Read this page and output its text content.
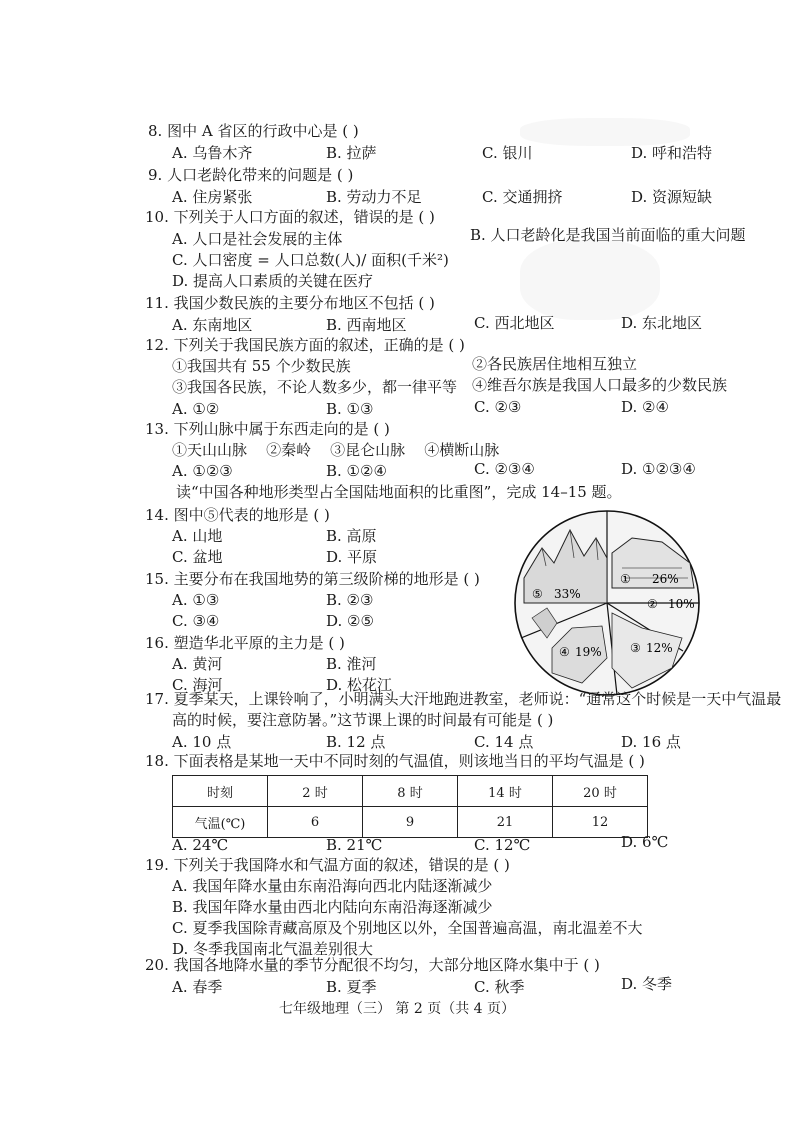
8. 图中 A 省区的行政中心是 ( )
A. 乌鲁木齐	B. 拉萨	C. 银川	D. 呼和浩特
9. 人口老龄化带来的问题是 ( )
A. 住房紧张	B. 劳动力不足	C. 交通拥挤	D. 资源短缺
10. 下列关于人口方面的叙述，错误的是 ( )
A. 人口是社会发展的主体	B. 人口老龄化是我国当前面临的重大问题
C. 人口密度 = 人口总数(人)/ 面积(千米²)
D. 提高人口素质的关键在医疗
11. 我国少数民族的主要分布地区不包括 ( )
A. 东南地区	B. 西南地区	C. 西北地区	D. 东北地区
12. 下列关于我国民族方面的叙述，正确的是 ( )
①我国共有 55 个少数民族	②各民族居住地相互独立
③我国各民族，不论人数多少，都一律平等 ④维吾尔族是我国人口最多的少数民族
A. ①②	B. ①③	C. ②③	D. ②④
13. 下列山脉中属于东西走向的是 ( )
①天山山脉    ②秦岭    ③昆仑山脉    ④横断山脉
A. ①②③	B. ①②④	C. ②③④	D. ①②③④
读“中国各种地形类型占全国陆地面积的比重图”，完成 14–15 题。
14. 图中⑤代表的地形是 ( )
A. 山地	B. 高原
C. 盆地	D. 平原
15. 主要分布在我国地势的第三级阶梯的地形是 ( )
A. ①③	B. ②③
C. ③④	D. ②⑤
16. 塑造华北平原的主力是 ( )
A. 黄河	B. 淮河
C. 海河	D. 松花江
① 26%
② 10%
③ 12%
④ 19%
⑤ 33%
17. 夏季某天，上课铃响了，小明满头大汗地跑进教室，老师说：“通常这个时候是一天中气温最
高的时候，要注意防暑。”这节课上课的时间最有可能是 ( )
A. 10 点	B. 12 点	C. 14 点	D. 16 点
18. 下面表格是某地一天中不同时刻的气温值，则该地当日的平均气温是 ( )
时刻	2 时	8 时	14 时	20 时
气温(℃)	6	9	21	12
A. 24℃	B. 21℃	C. 12℃	D. 6℃
19. 下列关于我国降水和气温方面的叙述，错误的是 ( )
A. 我国年降水量由东南沿海向西北内陆逐渐减少
B. 我国年降水量由西北内陆向东南沿海逐渐减少
C. 夏季我国除青藏高原及个别地区以外，全国普遍高温，南北温差不大
D. 冬季我国南北气温差别很大
20. 我国各地降水量的季节分配很不均匀，大部分地区降水集中于 ( )
A. 春季	B. 夏季	C. 秋季	D. 冬季
七年级地理（三） 第 2 页（共 4 页）
